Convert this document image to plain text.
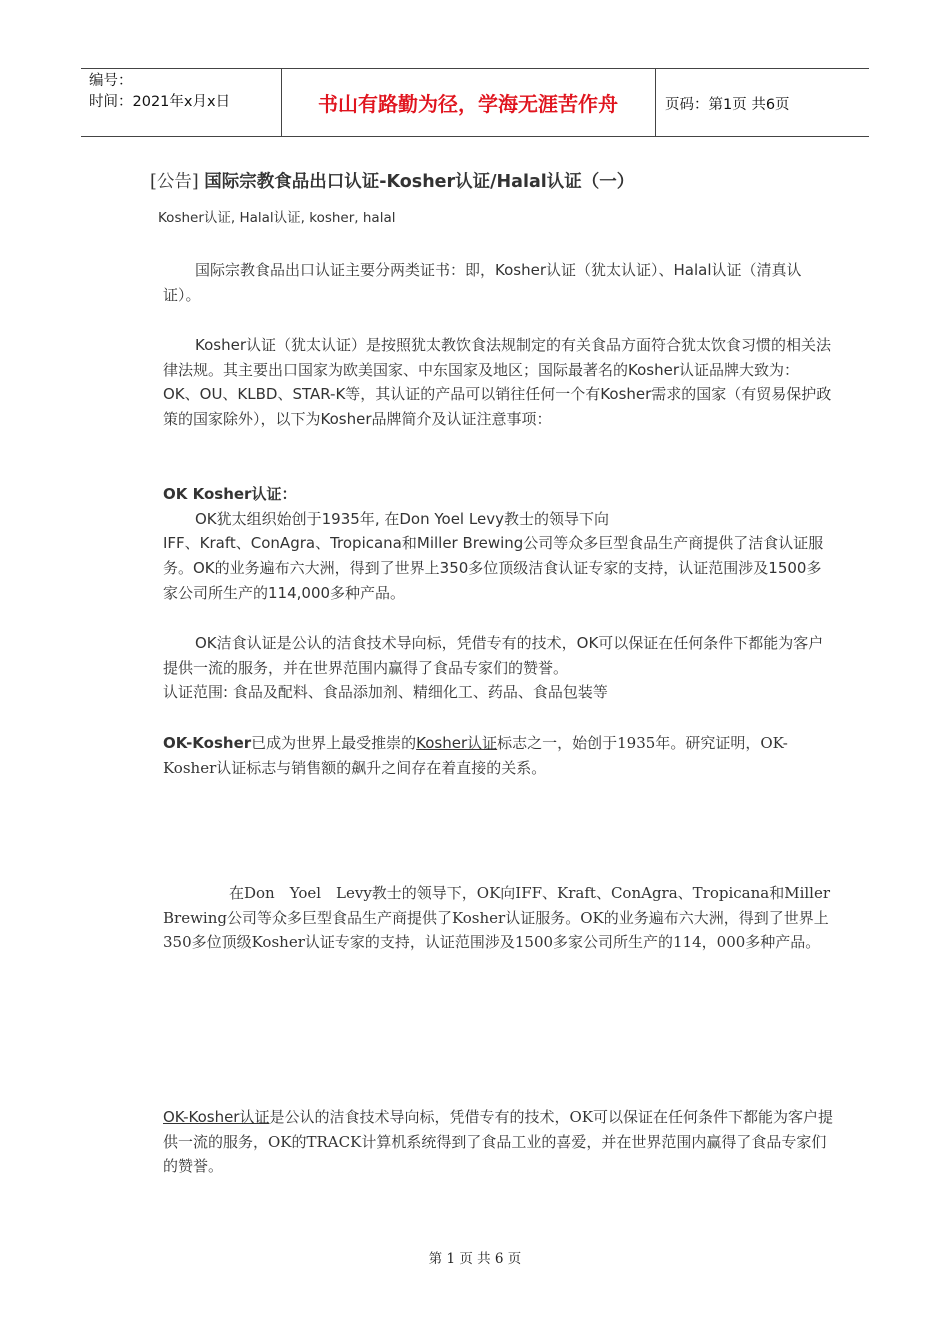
编号：
时间：2021年x月x日	书山有路勤为径，学海无涯苦作舟	页码：第1页 共6页
[公告] 国际宗教食品出口认证-Kosher认证/Halal认证（一）
Kosher认证, Halal认证, kosher, halal

国际宗教食品出口认证主要分两类证书：即，Kosher认证（犹太认证）、Halal认证（清真认证）。

Kosher认证（犹太认证）是按照犹太教饮食法规制定的有关食品方面符合犹太饮食习惯的相关法律法规。其主要出口国家为欧美国家、中东国家及地区；国际最著名的Kosher认证品牌大致为：OK、OU、KLBD、STAR-K等，其认证的产品可以销往任何一个有Kosher需求的国家（有贸易保护政策的国家除外），以下为Kosher品牌简介及认证注意事项：

OK Kosher认证：

OK犹太组织始创于1935年, 在Don Yoel Levy教士的领导下向

IFF、Kraft、ConAgra、Tropicana和Miller Brewing公司等众多巨型食品生产商提供了洁食认证服务。OK的业务遍布六大洲，得到了世界上350多位顶级洁食认证专家的支持，认证范围涉及1500多家公司所生产的114,000多种产品。

OK洁食认证是公认的洁食技术导向标，凭借专有的技术，OK可以保证在任何条件下都能为客户提供一流的服务，并在世界范围内赢得了食品专家们的赞誉。

认证范围: 食品及配料、食品添加剂、精细化工、药品、食品包装等

OK-Kosher已成为世界上最受推崇的Kosher认证标志之一，始创于1935年。研究证明，OK-Kosher认证标志与销售额的飙升之间存在着直接的关系。

在Don　Yoel　Levy教士的领导下，OK向IFF、Kraft、ConAgra、Tropicana和Miller　Brewing公司等众多巨型食品生产商提供了Kosher认证服务。OK的业务遍布六大洲，得到了世界上350多位顶级Kosher认证专家的支持，认证范围涉及1500多家公司所生产的114，000多种产品。

OK-Kosher认证是公认的洁食技术导向标，凭借专有的技术，OK可以保证在任何条件下都能为客户提供一流的服务，OK的TRACK计算机系统得到了食品工业的喜爱，并在世界范围内赢得了食品专家们的赞誉。

第 1 页 共 6 页
